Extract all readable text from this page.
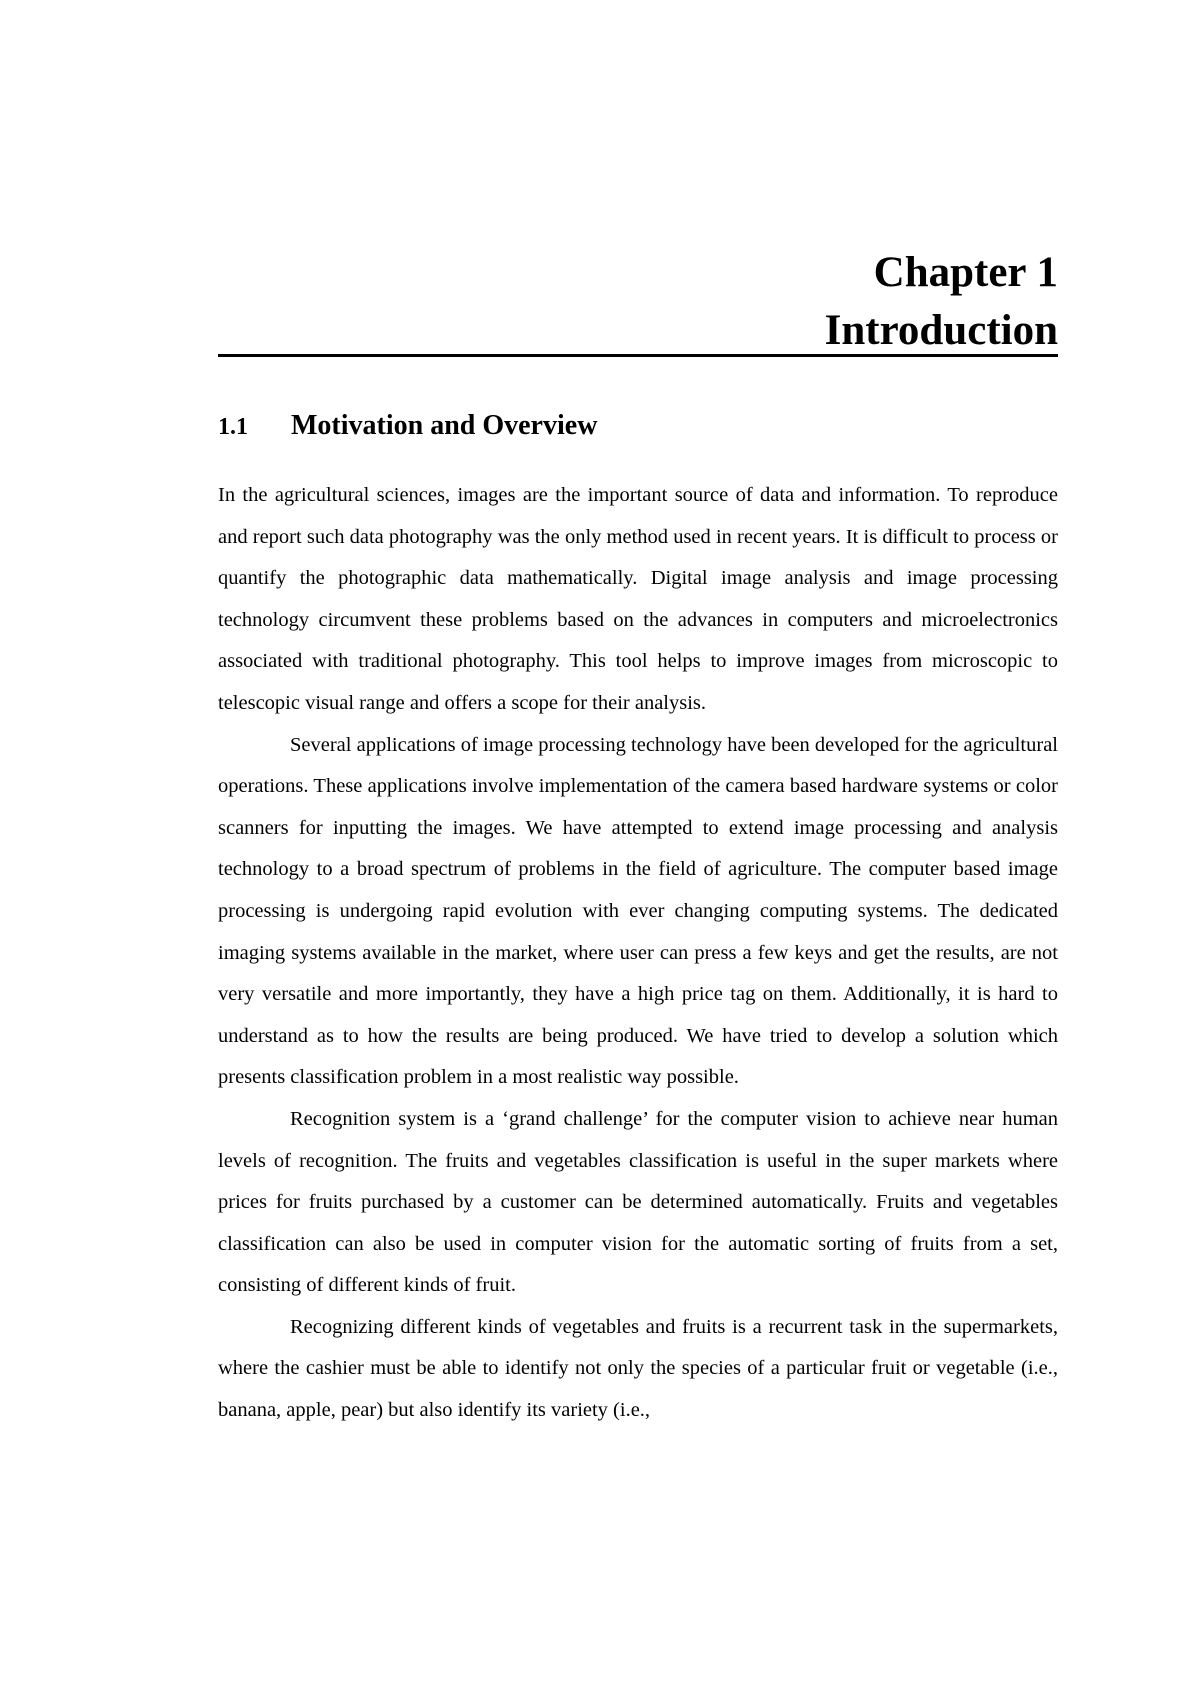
Chapter 1
Introduction
1.1 Motivation and Overview

In the agricultural sciences, images are the important source of data and information. To reproduce and report such data photography was the only method used in recent years. It is difficult to process or quantify the photographic data mathematically. Digital image analysis and image processing technology circumvent these problems based on the advances in computers and microelectronics associated with traditional photography. This tool helps to improve images from microscopic to telescopic visual range and offers a scope for their analysis.

Several applications of image processing technology have been developed for the agricultural operations. These applications involve implementation of the camera based hardware systems or color scanners for inputting the images. We have attempted to extend image processing and analysis technology to a broad spectrum of problems in the field of agriculture. The computer based image processing is undergoing rapid evolution with ever changing computing systems. The dedicated imaging systems available in the market, where user can press a few keys and get the results, are not very versatile and more importantly, they have a high price tag on them. Additionally, it is hard to understand as to how the results are being produced. We have tried to develop a solution which presents classification problem in a most realistic way possible.

Recognition system is a ‘grand challenge’ for the computer vision to achieve near human levels of recognition. The fruits and vegetables classification is useful in the super markets where prices for fruits purchased by a customer can be determined automatically. Fruits and vegetables classification can also be used in computer vision for the automatic sorting of fruits from a set, consisting of different kinds of fruit.

Recognizing different kinds of vegetables and fruits is a recurrent task in the supermarkets, where the cashier must be able to identify not only the species of a particular fruit or vegetable (i.e., banana, apple, pear) but also identify its variety (i.e.,
